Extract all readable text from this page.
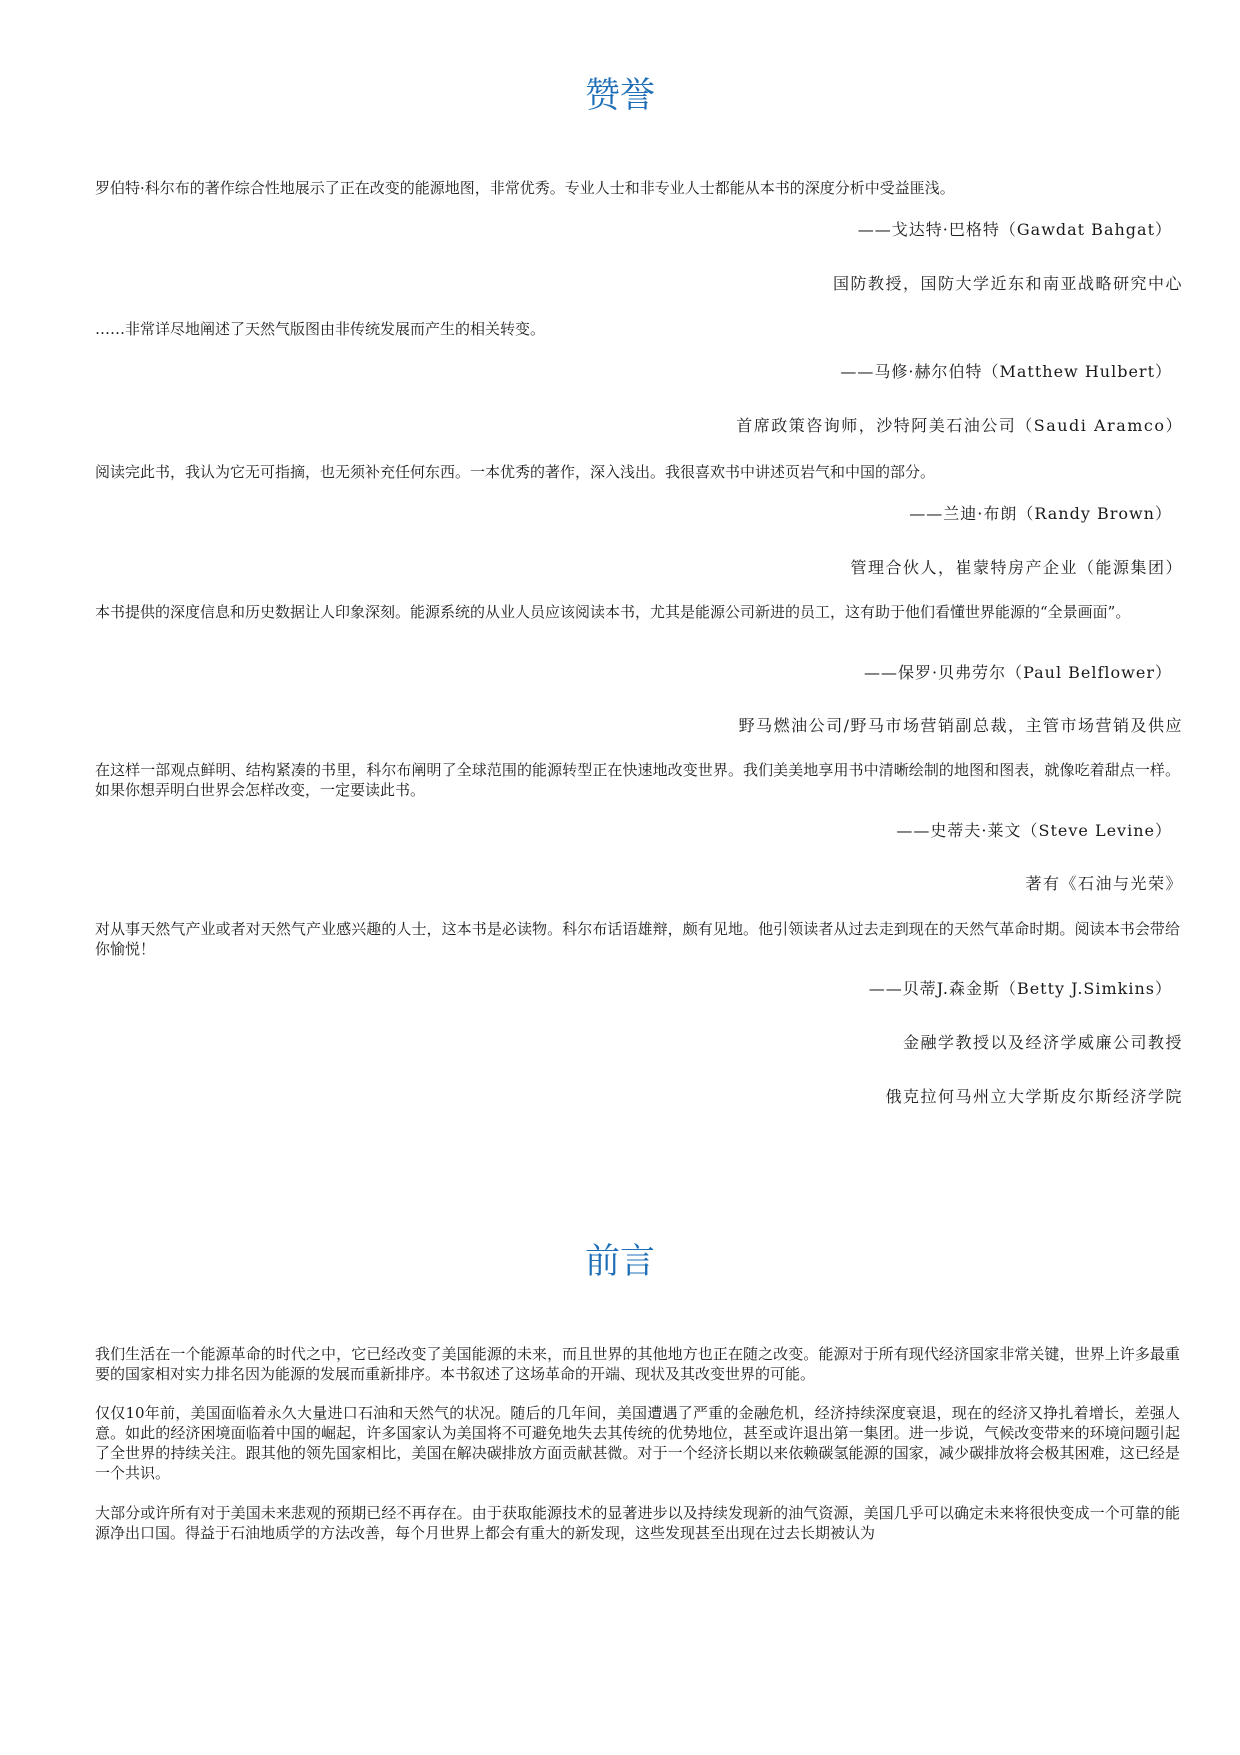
赞誉

罗伯特·科尔布的著作综合性地展示了正在改变的能源地图，非常优秀。专业人士和非专业人士都能从本书的深度分析中受益匪浅。

——戈达特·巴格特（Gawdat Bahgat）

国防教授，国防大学近东和南亚战略研究中心

……非常详尽地阐述了天然气版图由非传统发展而产生的相关转变。

——马修·赫尔伯特（Matthew Hulbert）

首席政策咨询师，沙特阿美石油公司（Saudi Aramco）

阅读完此书，我认为它无可指摘，也无须补充任何东西。一本优秀的著作，深入浅出。我很喜欢书中讲述页岩气和中国的部分。

——兰迪·布朗（Randy Brown）

管理合伙人，崔蒙特房产企业（能源集团）

本书提供的深度信息和历史数据让人印象深刻。能源系统的从业人员应该阅读本书，尤其是能源公司新进的员工，这有助于他们看懂世界能源的“全景画面”。

——保罗·贝弗劳尔（Paul Belflower）

野马燃油公司/野马市场营销副总裁，主管市场营销及供应

在这样一部观点鲜明、结构紧凑的书里，科尔布阐明了全球范围的能源转型正在快速地改变世界。我们美美地享用书中清晰绘制的地图和图表，就像吃着甜点一样。如果你想弄明白世界会怎样改变，一定要读此书。

——史蒂夫·莱文（Steve Levine）

著有《石油与光荣》

对从事天然气产业或者对天然气产业感兴趣的人士，这本书是必读物。科尔布话语雄辩，颇有见地。他引领读者从过去走到现在的天然气革命时期。阅读本书会带给你愉悦！

——贝蒂J.森金斯（Betty J.Simkins）

金融学教授以及经济学威廉公司教授

俄克拉何马州立大学斯皮尔斯经济学院

前言

我们生活在一个能源革命的时代之中，它已经改变了美国能源的未来，而且世界的其他地方也正在随之改变。能源对于所有现代经济国家非常关键，世界上许多最重要的国家相对实力排名因为能源的发展而重新排序。本书叙述了这场革命的开端、现状及其改变世界的可能。

仅仅10年前，美国面临着永久大量进口石油和天然气的状况。随后的几年间，美国遭遇了严重的金融危机，经济持续深度衰退，现在的经济又挣扎着增长，差强人意。如此的经济困境面临着中国的崛起，许多国家认为美国将不可避免地失去其传统的优势地位，甚至或许退出第一集团。进一步说，气候改变带来的环境问题引起了全世界的持续关注。跟其他的领先国家相比，美国在解决碳排放方面贡献甚微。对于一个经济长期以来依赖碳氢能源的国家，减少碳排放将会极其困难，这已经是一个共识。

大部分或许所有对于美国未来悲观的预期已经不再存在。由于获取能源技术的显著进步以及持续发现新的油气资源，美国几乎可以确定未来将很快变成一个可靠的能源净出口国。得益于石油地质学的方法改善，每个月世界上都会有重大的新发现，这些发现甚至出现在过去长期被认为
